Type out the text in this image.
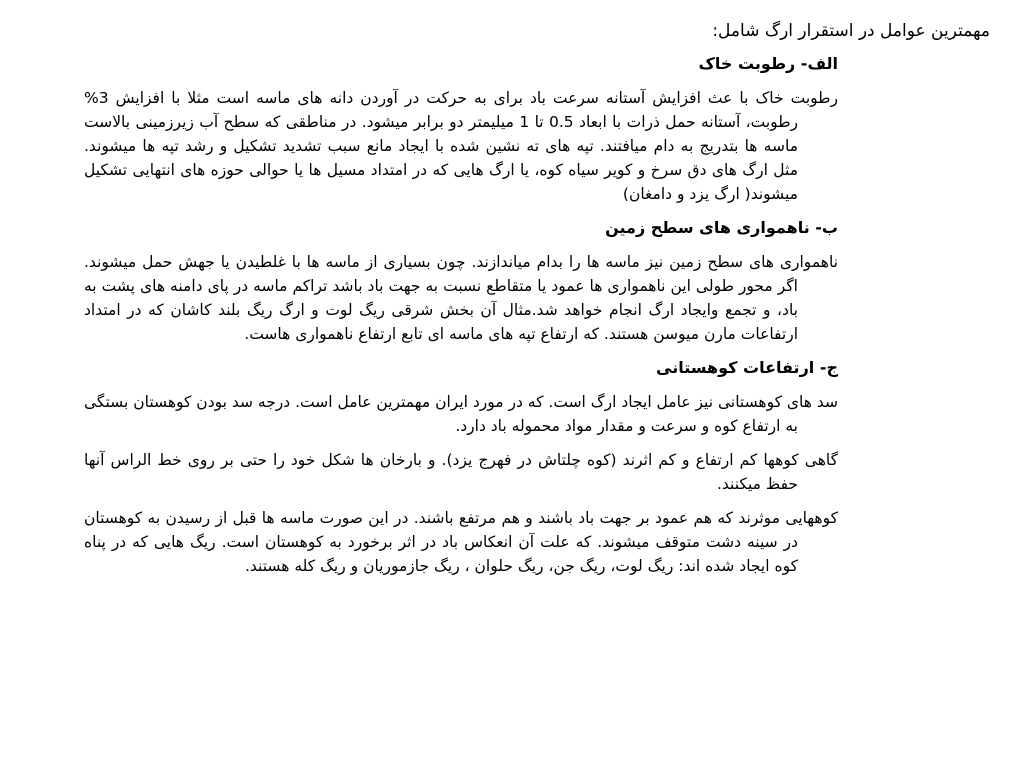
مهمترین عوامل در استقرار ارگ شامل:

الف- رطوبت خاک

رطوبت خاک با عث افزایش آستانه سرعت باد برای به حرکت در آوردن دانه های ماسه است مثلا با افزایش 3% رطوبت، آستانه حمل ذرات با ابعاد 0.5 تا 1 میلیمتر دو برابر میشود. در مناطقی که سطح آب زیرزمینی بالاست ماسه ها بتدریج به دام میافتند. تپه های ته نشین شده با ایجاد مانع سبب تشدید تشکیل و رشد تپه ها میشوند. مثل ارگ های دق سرخ و کویر سیاه کوه، یا ارگ هایی که در امتداد مسیل ها یا حوالی حوزه های انتهایی تشکیل میشوند( ارگ یزد و دامغان)

ب- ناهمواری های سطح زمین

ناهمواری های سطح زمین نیز ماسه ها را بدام میاندازند. چون بسیاری از ماسه ها با غلطیدن یا جهش حمل میشوند. اگر محور طولی این ناهمواری ها عمود یا متقاطع نسبت به جهت باد باشد تراکم ماسه در پای دامنه های پشت به باد، و تجمع وایجاد ارگ انجام خواهد شد.مثال آن بخش شرقی ریگ لوت و ارگ ریگ بلند کاشان که در امتداد ارتفاعات مارن میوسن هستند. که ارتفاع تپه های ماسه ای تابع ارتفاع ناهمواری هاست.

ج- ارتفاعات کوهستانی

سد های کوهستانی نیز عامل ایجاد ارگ است. که در مورد ایران مهمترین عامل است. درجه سد بودن کوهستان بستگی به ارتفاع کوه و سرعت و مقدار مواد محموله باد دارد.

گاهی کوهها کم ارتفاع و کم اثرند (کوه چلتاش در فهرج یزد). و بارخان ها شکل خود را حتی بر روی خط الراس آنها حفظ میکنند.

کوههایی موثرند که هم عمود بر جهت باد باشند و هم مرتفع باشند. در این صورت ماسه ها قبل از رسیدن به کوهستان در سینه دشت متوقف میشوند. که علت آن انعکاس باد در اثر برخورد به کوهستان است. ریگ هایی که در پناه کوه ایجاد شده اند: ریگ لوت، ریگ جن، ریگ حلوان ، ریگ جازموریان و ریگ کله هستند.
